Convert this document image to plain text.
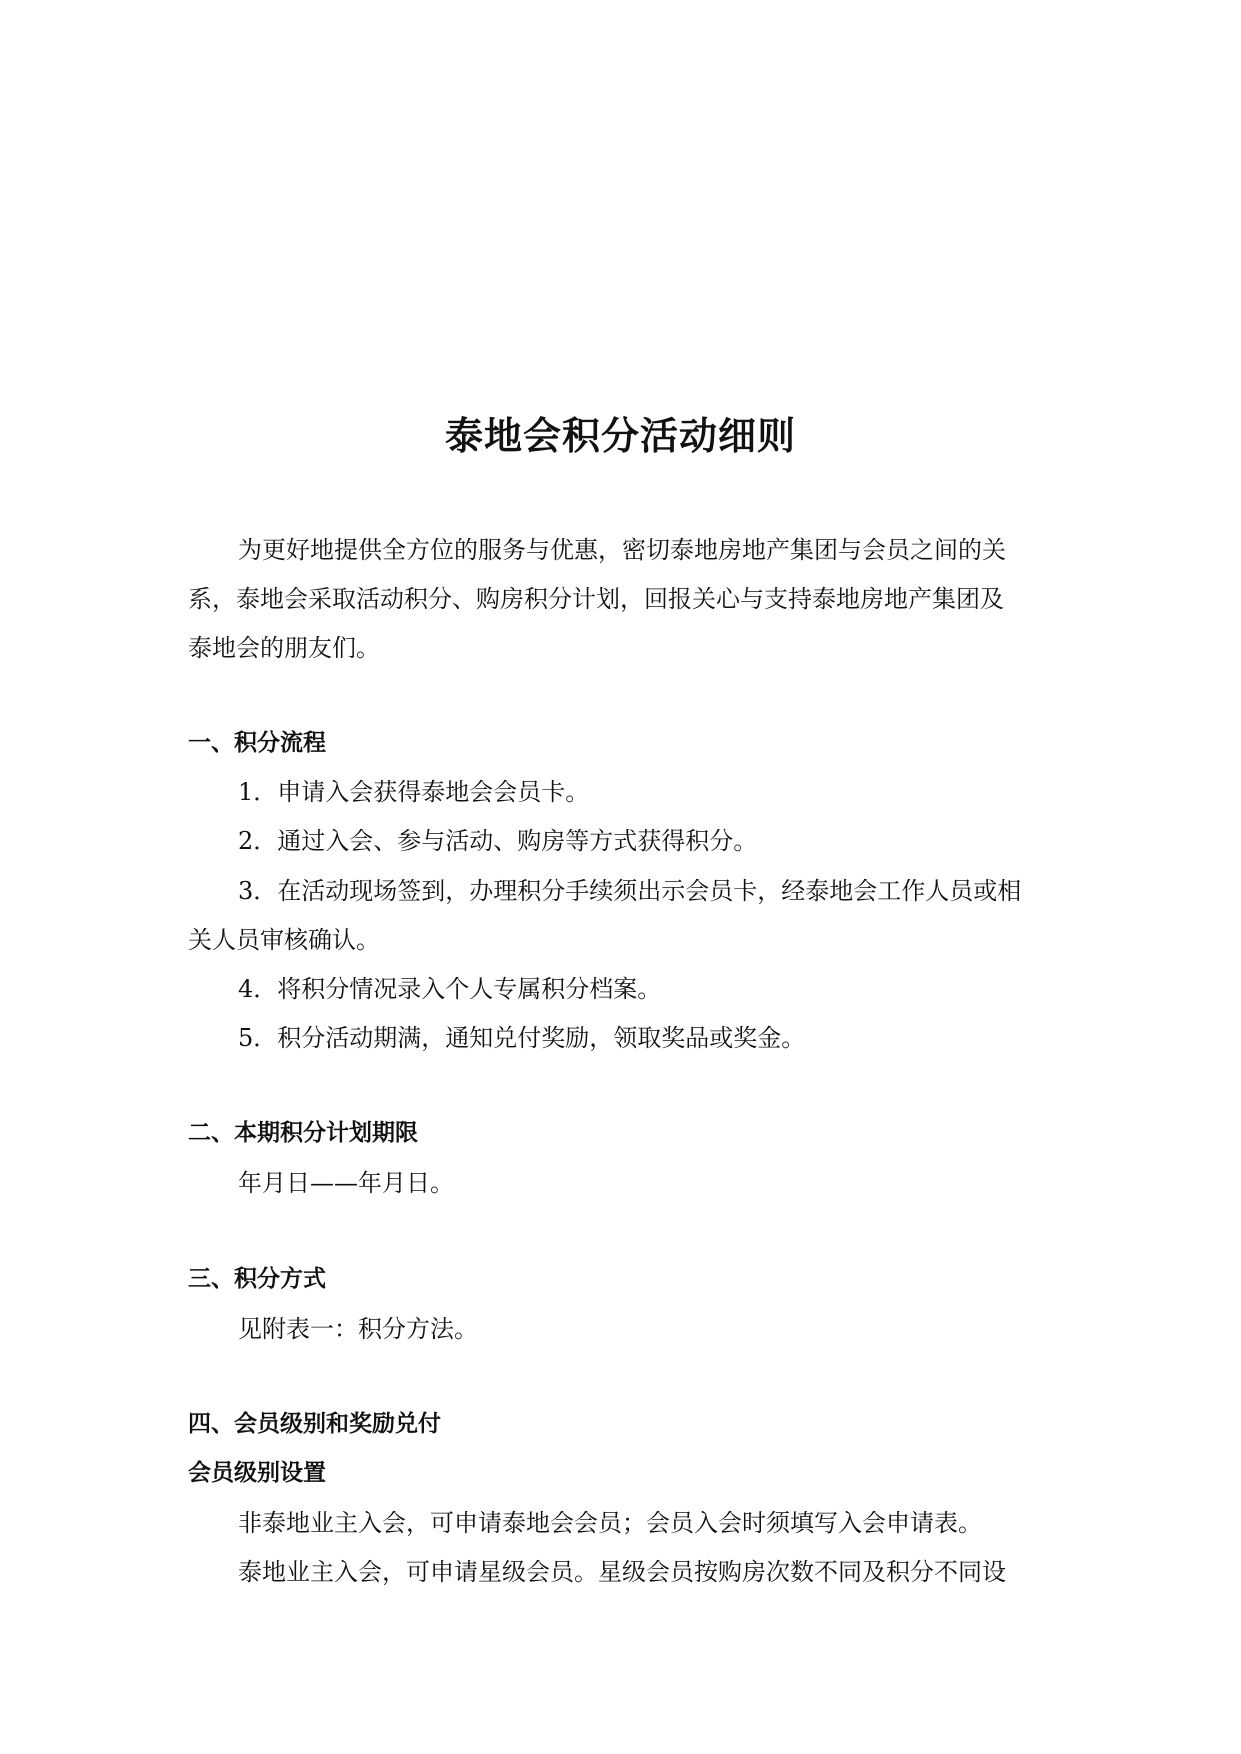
泰地会积分活动细则

为更好地提供全方位的服务与优惠，密切泰地房地产集团与会员之间的关

系，泰地会采取活动积分、购房积分计划，回报关心与支持泰地房地产集团及

泰地会的朋友们。

一、积分流程

1．申请入会获得泰地会会员卡。

2．通过入会、参与活动、购房等方式获得积分。

3．在活动现场签到，办理积分手续须出示会员卡，经泰地会工作人员或相

关人员审核确认。

4．将积分情况录入个人专属积分档案。

5．积分活动期满，通知兑付奖励，领取奖品或奖金。

二、本期积分计划期限

年月日——年月日。

三、积分方式

见附表一：积分方法。

四、会员级别和奖励兑付
会员级别设置

非泰地业主入会，可申请泰地会会员；会员入会时须填写入会申请表。

泰地业主入会，可申请星级会员。星级会员按购房次数不同及积分不同设
